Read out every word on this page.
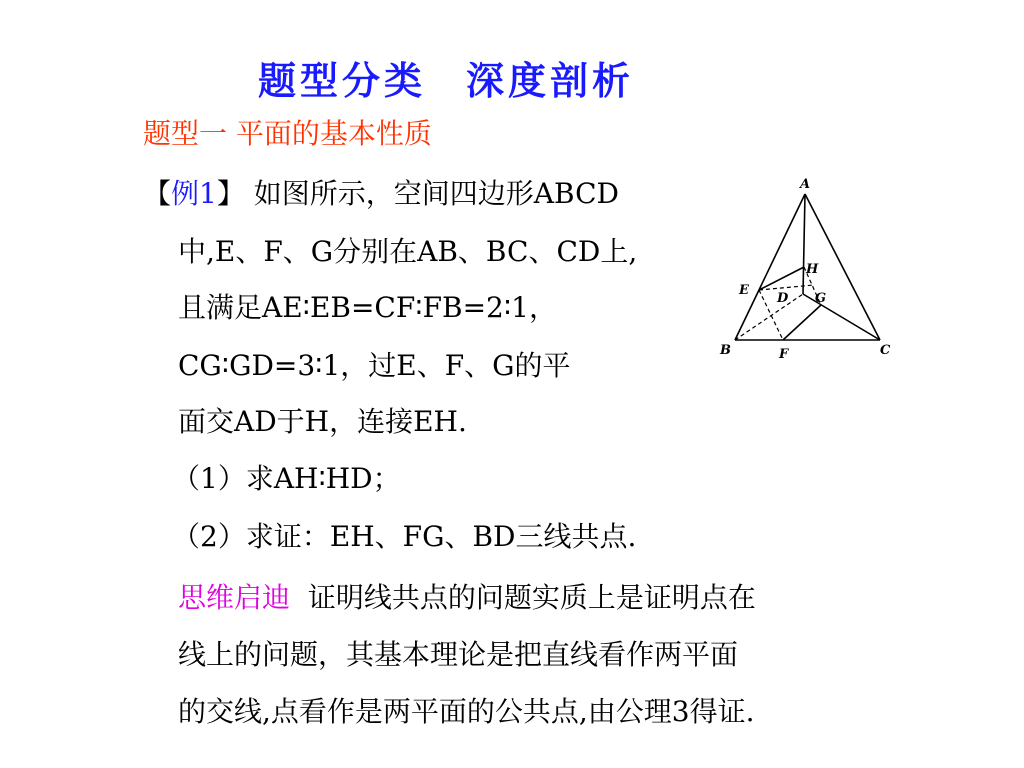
题型分类 深度剖析
题型一 平面的基本性质
【例1】 如图所示，空间四边形ABCD
中,E、F、G分别在AB、BC、CD上,
且满足AE∶EB=CF∶FB=2∶1，
CG∶GD=3∶1，过E、F、G的平
面交AD于H，连接EH.
（1）求AH∶HD；
（2）求证：EH、FG、BD三线共点.
思维启迪 证明线共点的问题实质上是证明点在
线上的问题，其基本理论是把直线看作两平面
的交线,点看作是两平面的公共点,由公理3得证.
A
B	C
D
E
F
G
H
